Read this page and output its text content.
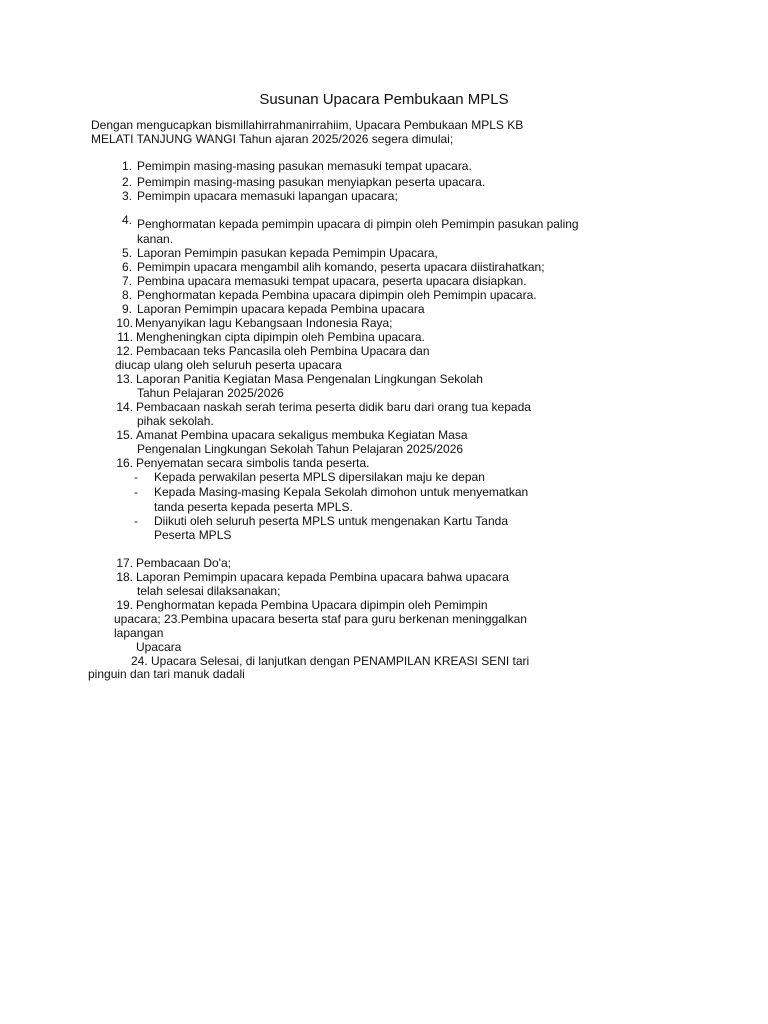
Susunan Upacara Pembukaan MPLS
Dengan mengucapkan bismillahirrahmanirrahiim, Upacara Pembukaan MPLS KB
MELATI TANJUNG WANGI Tahun ajaran 2025/2026 segera dimulai;
1. Pemimpin masing-masing pasukan memasuki tempat upacara.
2. Pemimpin masing-masing pasukan menyiapkan peserta upacara.
3. Pemimpin upacara memasuki lapangan upacara;
4. Penghormatan kepada pemimpin upacara di pimpin oleh Pemimpin pasukan paling
kanan.
5. Laporan Pemimpin pasukan kepada Pemimpin Upacara,
6. Pemimpin upacara mengambil alih komando, peserta upacara diistirahatkan;
7. Pembina upacara memasuki tempat upacara, peserta upacara disiapkan.
8. Penghormatan kepada Pembina upacara dipimpin oleh Pemimpin upacara.
9. Laporan Pemimpin upacara kepada Pembina upacara
10. Menyanyikan lagu Kebangsaan Indonesia Raya;
11. Mengheningkan cipta dipimpin oleh Pembina upacara.
12. Pembacaan teks Pancasila oleh Pembina Upacara dan
diucap ulang oleh seluruh peserta upacara
13. Laporan Panitia Kegiatan Masa Pengenalan Lingkungan Sekolah
Tahun Pelajaran 2025/2026
14. Pembacaan naskah serah terima peserta didik baru dari orang tua kepada
pihak sekolah.
15. Amanat Pembina upacara sekaligus membuka Kegiatan Masa
Pengenalan Lingkungan Sekolah Tahun Pelajaran 2025/2026
16. Penyematan secara simbolis tanda peserta.
- Kepada perwakilan peserta MPLS dipersilakan maju ke depan
- Kepada Masing-masing Kepala Sekolah dimohon untuk menyematkan
tanda peserta kepada peserta MPLS.
- Diikuti oleh seluruh peserta MPLS untuk mengenakan Kartu Tanda
Peserta MPLS
17. Pembacaan Do'a;
18. Laporan Pemimpin upacara kepada Pembina upacara bahwa upacara
telah selesai dilaksanakan;
19. Penghormatan kepada Pembina Upacara dipimpin oleh Pemimpin
upacara; 23.Pembina upacara beserta staf para guru berkenan meninggalkan
lapangan
Upacara
24. Upacara Selesai, di lanjutkan dengan PENAMPILAN KREASI SENI tari
pinguin dan tari manuk dadali
